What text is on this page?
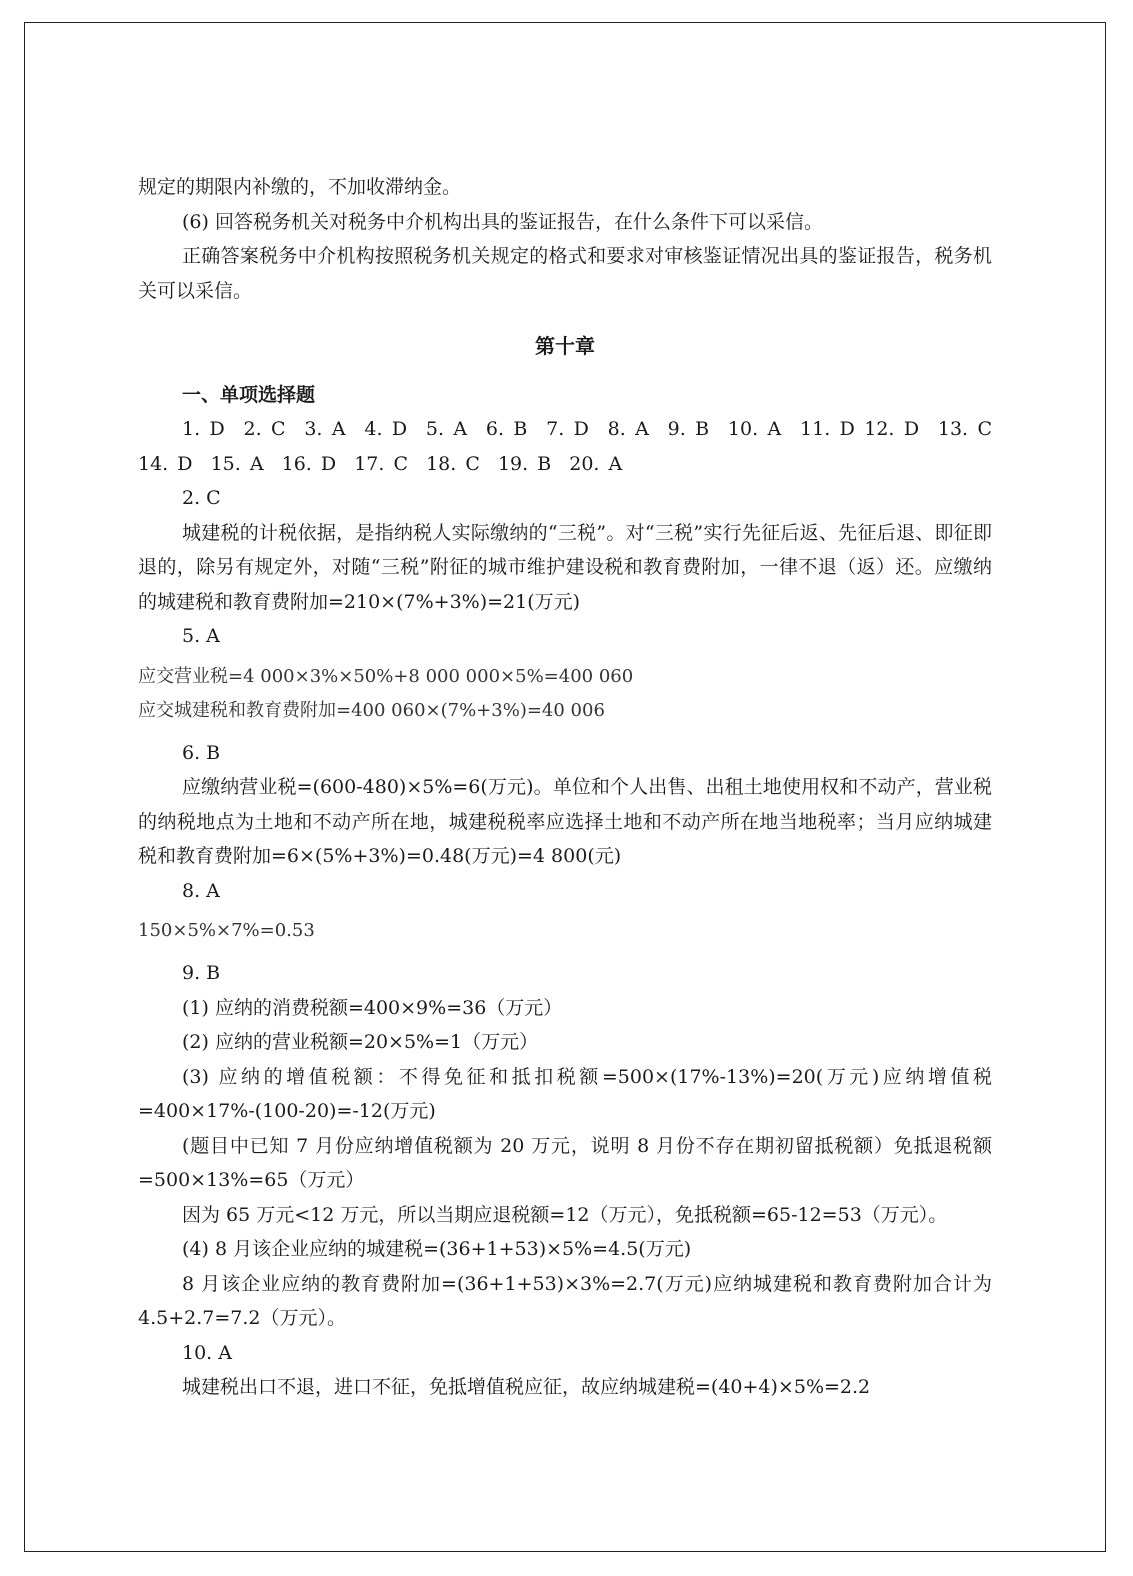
规定的期限内补缴的，不加收滞纳金。

(6) 回答税务机关对税务中介机构出具的鉴证报告，在什么条件下可以采信。

正确答案税务中介机构按照税务机关规定的格式和要求对审核鉴证情况出具的鉴证报告，税务机关可以采信。

第十章

一、单项选择题

1. D  2. C  3. A  4. D  5. A  6. B  7. D  8. A  9. B  10. A  11. D 12. D  13. C  14. D  15. A  16. D  17. C  18. C  19. B  20. A

2. C

城建税的计税依据，是指纳税人实际缴纳的“三税”。对“三税”实行先征后返、先征后退、即征即退的，除另有规定外，对随“三税”附征的城市维护建设税和教育费附加，一律不退（返）还。应缴纳的城建税和教育费附加=210×(7%+3%)=21(万元)

5. A

应交营业税=4 000×3%×50%+8 000 000×5%=400 060

应交城建税和教育费附加=400 060×(7%+3%)=40 006

6. B

应缴纳营业税=(600-480)×5%=6(万元)。单位和个人出售、出租土地使用权和不动产，营业税的纳税地点为土地和不动产所在地，城建税税率应选择土地和不动产所在地当地税率；当月应纳城建税和教育费附加=6×(5%+3%)=0.48(万元)=4 800(元)

8. A

150×5%×7%=0.53

9. B

(1) 应纳的消费税额=400×9%=36（万元）

(2) 应纳的营业税额=20×5%=1（万元）

(3) 应纳的增值税额：不得免征和抵扣税额=500×(17%-13%)=20(万元)应纳增值税=400×17%-(100-20)=-12(万元)

(题目中已知 7 月份应纳增值税额为 20 万元，说明 8 月份不存在期初留抵税额）免抵退税额=500×13%=65（万元）

因为 65 万元<12 万元，所以当期应退税额=12（万元），免抵税额=65-12=53（万元）。

(4) 8 月该企业应纳的城建税=(36+1+53)×5%=4.5(万元)

8 月该企业应纳的教育费附加=(36+1+53)×3%=2.7(万元)应纳城建税和教育费附加合计为 4.5+2.7=7.2（万元）。

10. A

城建税出口不退，进口不征，免抵增值税应征，故应纳城建税=(40+4)×5%=2.2
